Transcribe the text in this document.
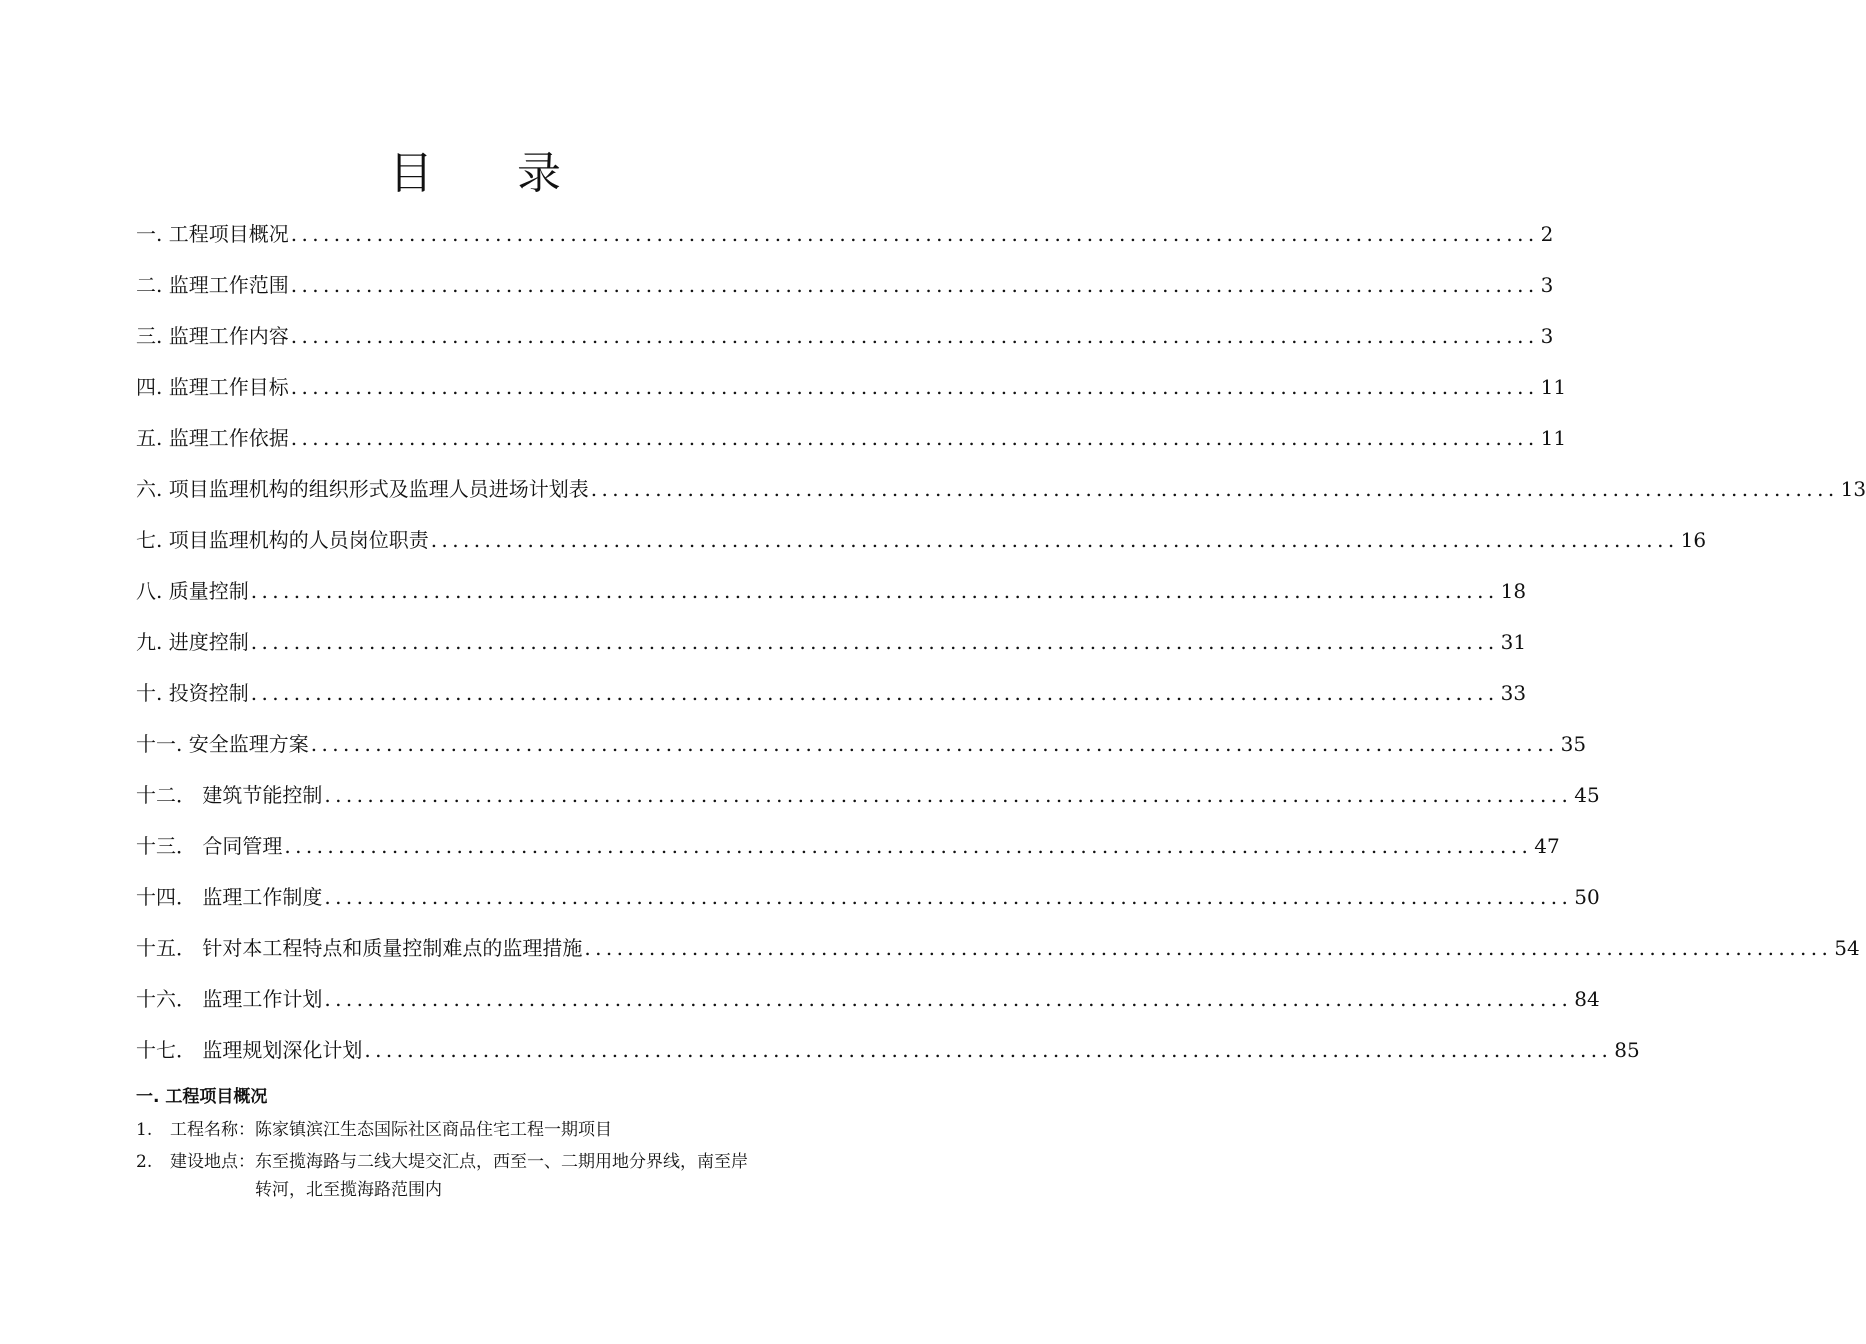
目 录
一. 工程项目概况 .................................................................................................................... 2
二. 监理工作范围 .................................................................................................................... 3
三. 监理工作内容 .................................................................................................................... 3
四. 监理工作目标 .................................................................................................................... 11
五. 监理工作依据 .................................................................................................................... 11
六. 项目监理机构的组织形式及监理人员进场计划表 .................................................................................................................... 13
七. 项目监理机构的人员岗位职责 .................................................................................................................... 16
八. 质量控制 .................................................................................................................... 18
九. 进度控制 .................................................................................................................... 31
十. 投资控制 .................................................................................................................... 33
十一. 安全监理方案 .................................................................................................................... 35
十二． 建筑节能控制 .................................................................................................................... 45
十三． 合同管理 .................................................................................................................... 47
十四． 监理工作制度 .................................................................................................................... 50
十五． 针对本工程特点和质量控制难点的监理措施 .................................................................................................................... 54
十六． 监理工作计划 .................................................................................................................... 84
十七． 监理规划深化计划 .................................................................................................................... 85
一. 工程项目概况
1.	工程名称：陈家镇滨江生态国际社区商品住宅工程一期项目
2.	建设地点：东至揽海路与二线大堤交汇点，西至一、二期用地分界线，南至岸
转河，北至揽海路范围内
